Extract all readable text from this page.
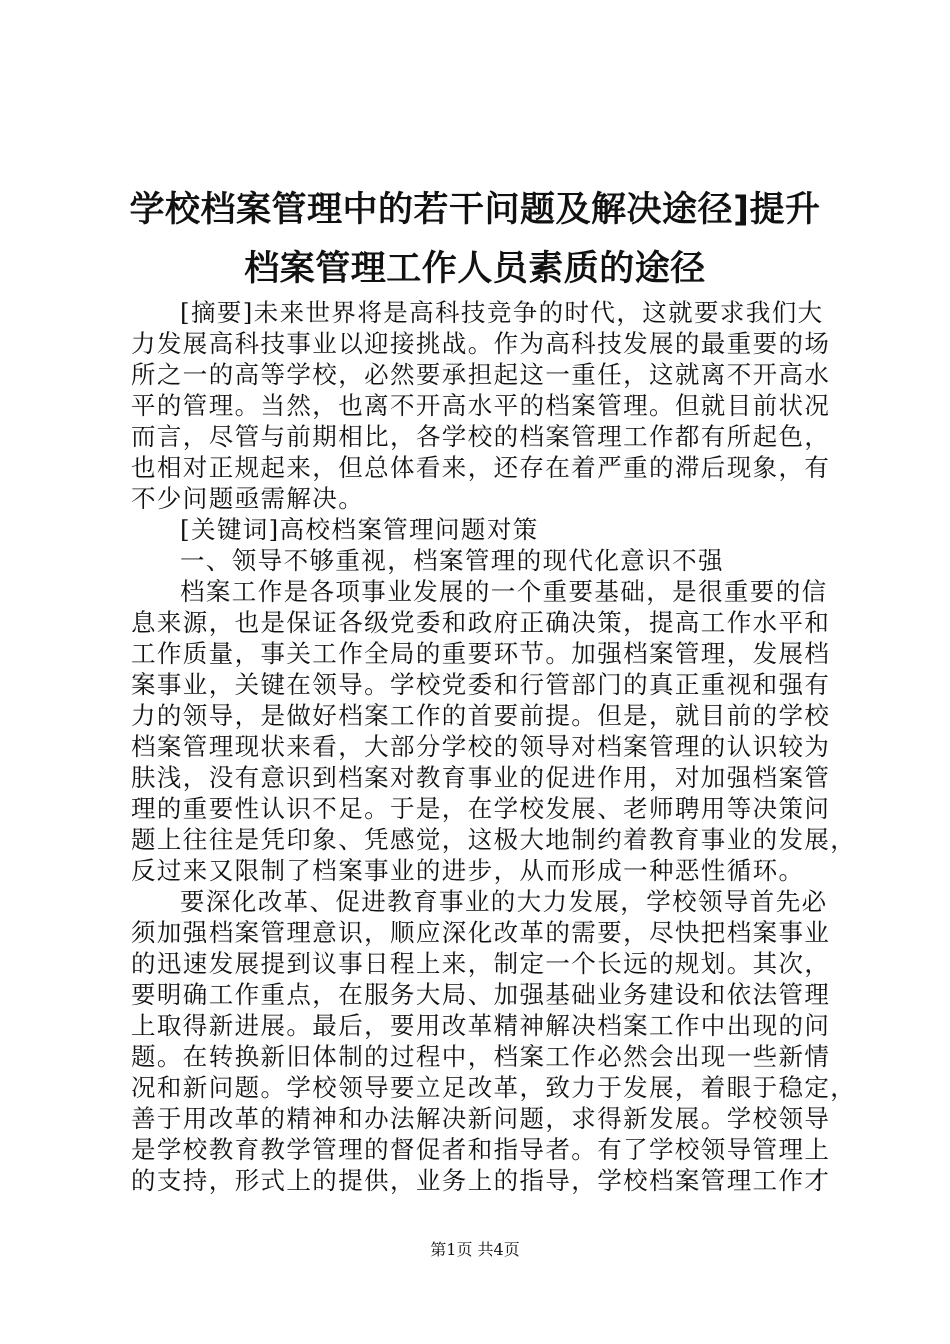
学校档案管理中的若干问题及解决途径]提升
档案管理工作人员素质的途径
[摘要]未来世界将是高科技竞争的时代，这就要求我们大
力发展高科技事业以迎接挑战。作为高科技发展的最重要的场
所之一的高等学校，必然要承担起这一重任，这就离不开高水
平的管理。当然，也离不开高水平的档案管理。但就目前状况
而言，尽管与前期相比，各学校的档案管理工作都有所起色，
也相对正规起来，但总体看来，还存在着严重的滞后现象，有
不少问题亟需解决。
[关键词]高校档案管理问题对策
一、领导不够重视，档案管理的现代化意识不强
档案工作是各项事业发展的一个重要基础，是很重要的信
息来源，也是保证各级党委和政府正确决策，提高工作水平和
工作质量，事关工作全局的重要环节。加强档案管理，发展档
案事业，关键在领导。学校党委和行管部门的真正重视和强有
力的领导，是做好档案工作的首要前提。但是，就目前的学校
档案管理现状来看，大部分学校的领导对档案管理的认识较为
肤浅，没有意识到档案对教育事业的促进作用，对加强档案管
理的重要性认识不足。于是，在学校发展、老师聘用等决策问
题上往往是凭印象、凭感觉，这极大地制约着教育事业的发展，
反过来又限制了档案事业的进步，从而形成一种恶性循环。
要深化改革、促进教育事业的大力发展，学校领导首先必
须加强档案管理意识，顺应深化改革的需要，尽快把档案事业
的迅速发展提到议事日程上来，制定一个长远的规划。其次，
要明确工作重点，在服务大局、加强基础业务建设和依法管理
上取得新进展。最后，要用改革精神解决档案工作中出现的问
题。在转换新旧体制的过程中，档案工作必然会出现一些新情
况和新问题。学校领导要立足改革，致力于发展，着眼于稳定，
善于用改革的精神和办法解决新问题，求得新发展。学校领导
是学校教育教学管理的督促者和指导者。有了学校领导管理上
的支持，形式上的提供，业务上的指导，学校档案管理工作才
第1页 共4页
